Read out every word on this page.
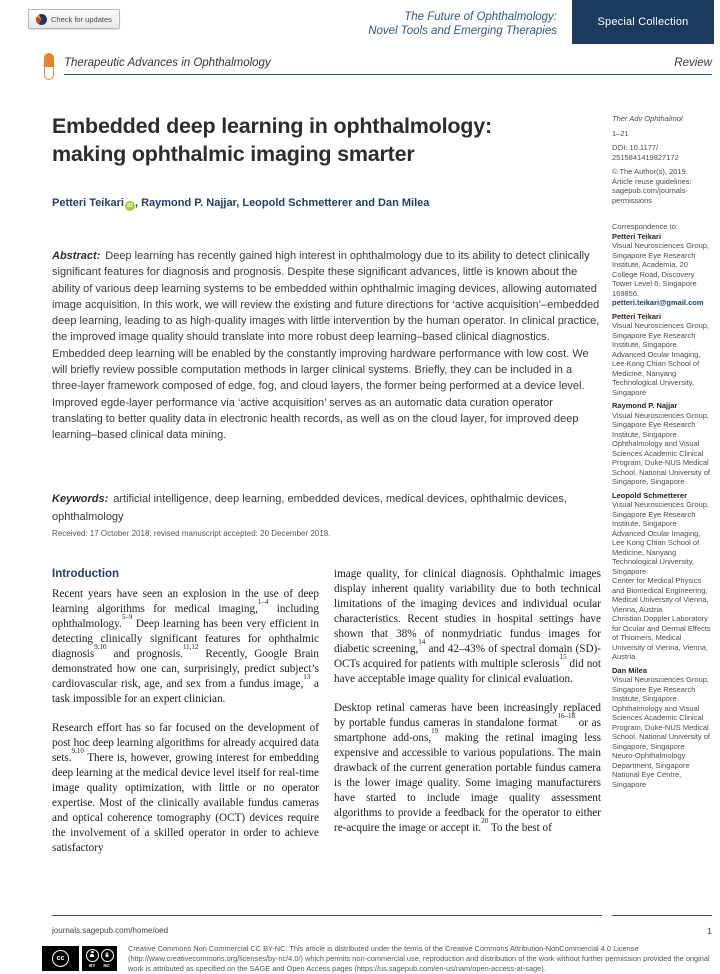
Check for updates	The Future of Ophthalmology:
Novel Tools and Emerging Therapies
Special Collection
Therapeutic Advances in Ophthalmology	Review
Embedded deep learning in ophthalmology:
making ophthalmic imaging smarter
Petteri Teikari iD , Raymond P. Najjar, Leopold Schmetterer and Dan Milea

Abstract: Deep learning has recently gained high interest in ophthalmology due to its ability to detect clinically significant features for diagnosis and prognosis. Despite these significant advances, little is known about the ability of various deep learning systems to be embedded within ophthalmic imaging devices, allowing automated image acquisition. In this work, we will review the existing and future directions for ‘active acquisition’–embedded deep learning, leading to as high-quality images with little intervention by the human operator. In clinical practice, the improved image quality should translate into more robust deep learning–based clinical diagnostics. Embedded deep learning will be enabled by the constantly improving hardware performance with low cost. We will briefly review possible computation methods in larger clinical systems. Briefly, they can be included in a three-layer framework composed of edge, fog, and cloud layers, the former being performed at a device level. Improved egde-layer performance via ‘active acquisition’ serves as an automatic data curation operator translating to better quality data in electronic health records, as well as on the cloud layer, for improved deep learning–based clinical data mining.

Keywords: artificial intelligence, deep learning, embedded devices, medical devices, ophthalmic devices, ophthalmology

Received: 17 October 2018; revised manuscript accepted: 20 December 2018.
Introduction

Recent years have seen an explosion in the use of deep learning algorithms for medical imaging,$^{1-4}$ including ophthalmology.$^{5-9}$ Deep learning has been very efficient in detecting clinically significant features for ophthalmic diagnosis$^{9,10}$ and prognosis.$^{11,12}$ Recently, Google Brain demonstrated how one can, surprisingly, predict subject’s cardiovascular risk, age, and sex from a fundus image,$^{13}$ a task impossible for an expert clinician.

Research effort has so far focused on the development of post hoc deep learning algorithms for already acquired data sets.$^{9,10}$ There is, however, growing interest for embedding deep learning at the medical device level itself for real-time image quality optimization, with little or no operator expertise. Most of the clinically available fundus cameras and optical coherence tomography (OCT) devices require the involvement of a skilled operator in order to achieve satisfactory

image quality, for clinical diagnosis. Ophthalmic images display inherent quality variability due to both technical limitations of the imaging devices and individual ocular characteristics. Recent studies in hospital settings have shown that 38% of nonmydriatic fundus images for diabetic screening,$^{14}$ and 42–43% of spectral domain (SD)-OCTs acquired for patients with multiple sclerosis$^{15}$ did not have acceptable image quality for clinical evaluation.

Desktop retinal cameras have been increasingly replaced by portable fundus cameras in standalone format$^{16-18}$ or as smartphone add-ons,$^{19}$ making the retinal imaging less expensive and accessible to various populations. The main drawback of the current generation portable fundus camera is the lower image quality. Some imaging manufacturers have started to include image quality assessment algorithms to provide a feedback for the operator to either re-acquire the image or accept it.$^{20}$ To the best of

Ther Adv Ophthalmol
1–21
DOI: 10.1177/
2515841419827172
© The Author(s), 2019.
Article reuse guidelines:
sagepub.com/journals-permissions
Correspondence to:
Petteri Teikari
Visual Neurosciences Group, Singapore Eye Research Institute, Academia, 20 College Road, Discovery Tower Level 6, Singapore 169856.
petteri.teikari@gmail.com
Petteri Teikari
Visual Neurosciences Group, Singapore Eye Research Institute, Singapore
Advanced Ocular Imaging, Lee Kong Chian School of Medicine, Nanyang Technological University, Singapore
Raymond P. Najjar
Visual Neurosciences Group, Singapore Eye Research Institute, Singapore
Ophthalmology and Visual Sciences Academic Clinical Program, Duke-NUS Medical School, National University of Singapore, Singapore
Leopold Schmetterer
Visual Neurosciences Group, Singapore Eye Research Institute, Singapore
Advanced Ocular Imaging, Lee Kong Chian School of Medicine, Nanyang Technological University, Singapore
Center for Medical Physics and Biomedical Engineering, Medical University of Vienna, Vienna, Austria
Christian Doppler Laboratory for Ocular and Dermal Effects of Thiomers, Medical University of Vienna, Vienna, Austria
Dan Milea
Visual Neurosciences Group, Singapore Eye Research Institute, Singapore
Ophthalmology and Visual Sciences Academic Clinical Program, Duke-NUS Medical School, National University of Singapore, Singapore
Neuro-Ophthalmology Department, Singapore National Eye Centre, Singapore
journals.sagepub.com/home/oed	1
cc	$
BY NC
Creative Commons Non Commercial CC BY-NC: This article is distributed under the terms of the Creative Commons Attribution-NonCommercial 4.0 License (http://www.creativecommons.org/licenses/by-nc/4.0/) which permits non-commercial use, reproduction and distribution of the work without further permission provided the original work is attributed as specified on the SAGE and Open Access pages (https://us.sagepub.com/en-us/nam/open-access-at-sage).
